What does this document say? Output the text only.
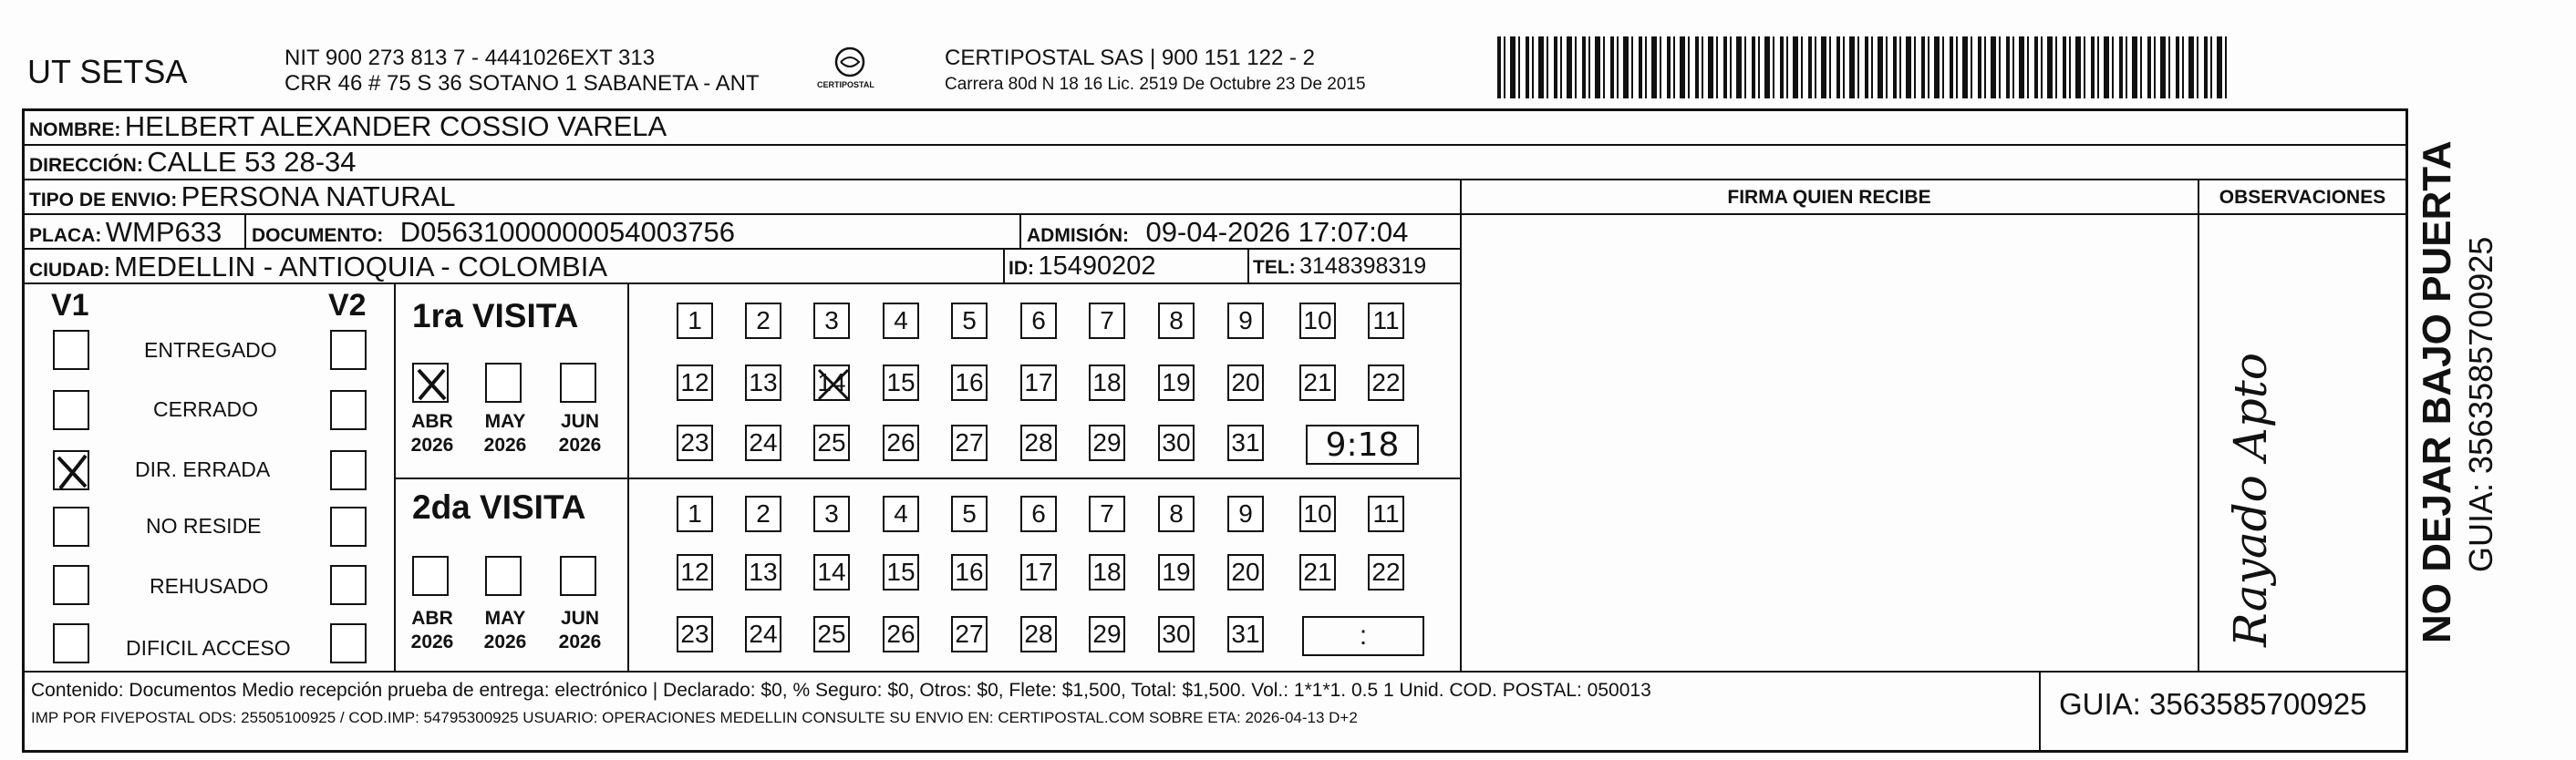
UT SETSA	NIT 900 273 813 7 - 4441026EXT 313
CRR 46 # 75 S 36 SOTANO 1 SABANETA - ANT	CERTIPOSTAL
CERTIPOSTAL SAS | 900 151 122 - 2
Carrera 80d N 18 16 Lic. 2519 De Octubre 23 De 2015
NOMBRE: HELBERT ALEXANDER COSSIO VARELA
DIRECCIÓN: CALLE 53 28-34
TIPO DE ENVIO: PERSONA NATURAL	FIRMA QUIEN RECIBE	OBSERVACIONES
PLACA: WMP633 DOCUMENTO: D05631000000054003756	ADMISIÓN: 09-04-2026 17:07:04
CIUDAD: MEDELLIN - ANTIOQUIA - COLOMBIA	ID: 15490202	TEL: 3148398319
V1	V2
ENTREGADO
CERRADO
DIR. ERRADA
NO RESIDE
REHUSADO
DIFICIL ACCESO
1ra VISITA
ABR
2026
MAY
2026
JUN
2026
2da VISITA
ABR
2026
MAY
2026
JUN
2026
1	2	3	4	5	6	7	8	9	10 11
12 13 14 15 16 17 18 19 20 21 22
23 24 25 26 27 28 29 30 31
1	2	3	4	5	6	7	8	9	10 11
12 13 14 15 16 17 18 19 20 21 22
23 24 25 26 27 28 29 30 31
9:18
:	Rayado Apto	NO DEJAR BAJO PUERTA GUIA: 3563585700925
Contenido: Documentos Medio recepción prueba de entrega: electrónico | Declarado: $0, % Seguro: $0, Otros: $0, Flete: $1,500, Total: $1,500. Vol.: 1*1*1. 0.5 1 Unid. COD. POSTAL: 050013
IMP POR FIVEPOSTAL ODS: 25505100925 / COD.IMP: 54795300925 USUARIO: OPERACIONES MEDELLIN CONSULTE SU ENVIO EN: CERTIPOSTAL.COM SOBRE ETA: 2026-04-13 D+2	GUIA: 3563585700925
